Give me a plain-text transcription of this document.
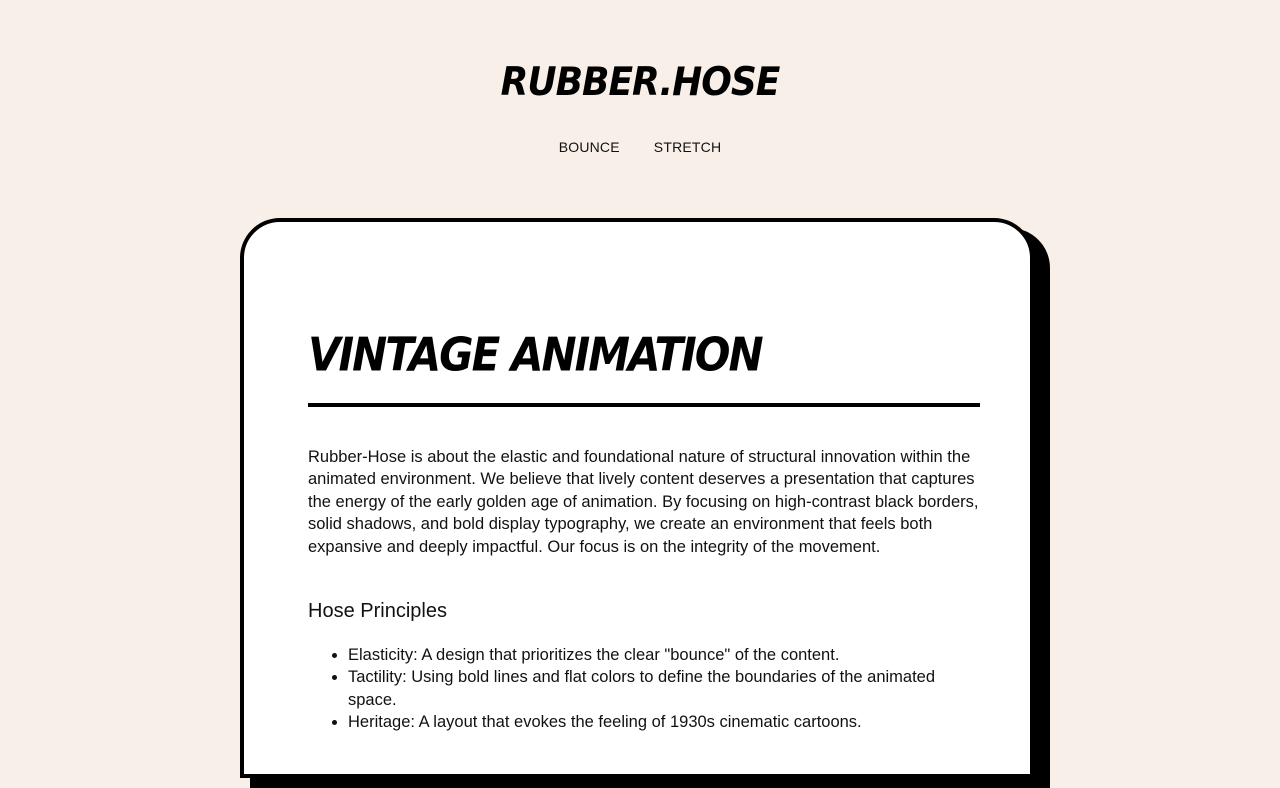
RUBBER.HOSE
BOUNCE STRETCH
VINTAGE ANIMATION

Rubber-Hose is about the elastic and foundational nature of structural innovation within the animated environment. We believe that lively content deserves a presentation that captures the energy of the early golden age of animation. By focusing on high-contrast black borders, solid shadows, and bold display typography, we create an environment that feels both expansive and deeply impactful. Our focus is on the integrity of the movement.

Hose Principles
• Elasticity: A design that prioritizes the clear "bounce" of the content.
• Tactility: Using bold lines and flat colors to define the boundaries of the animated space.
• Heritage: A layout that evokes the feeling of 1930s cinematic cartoons.
